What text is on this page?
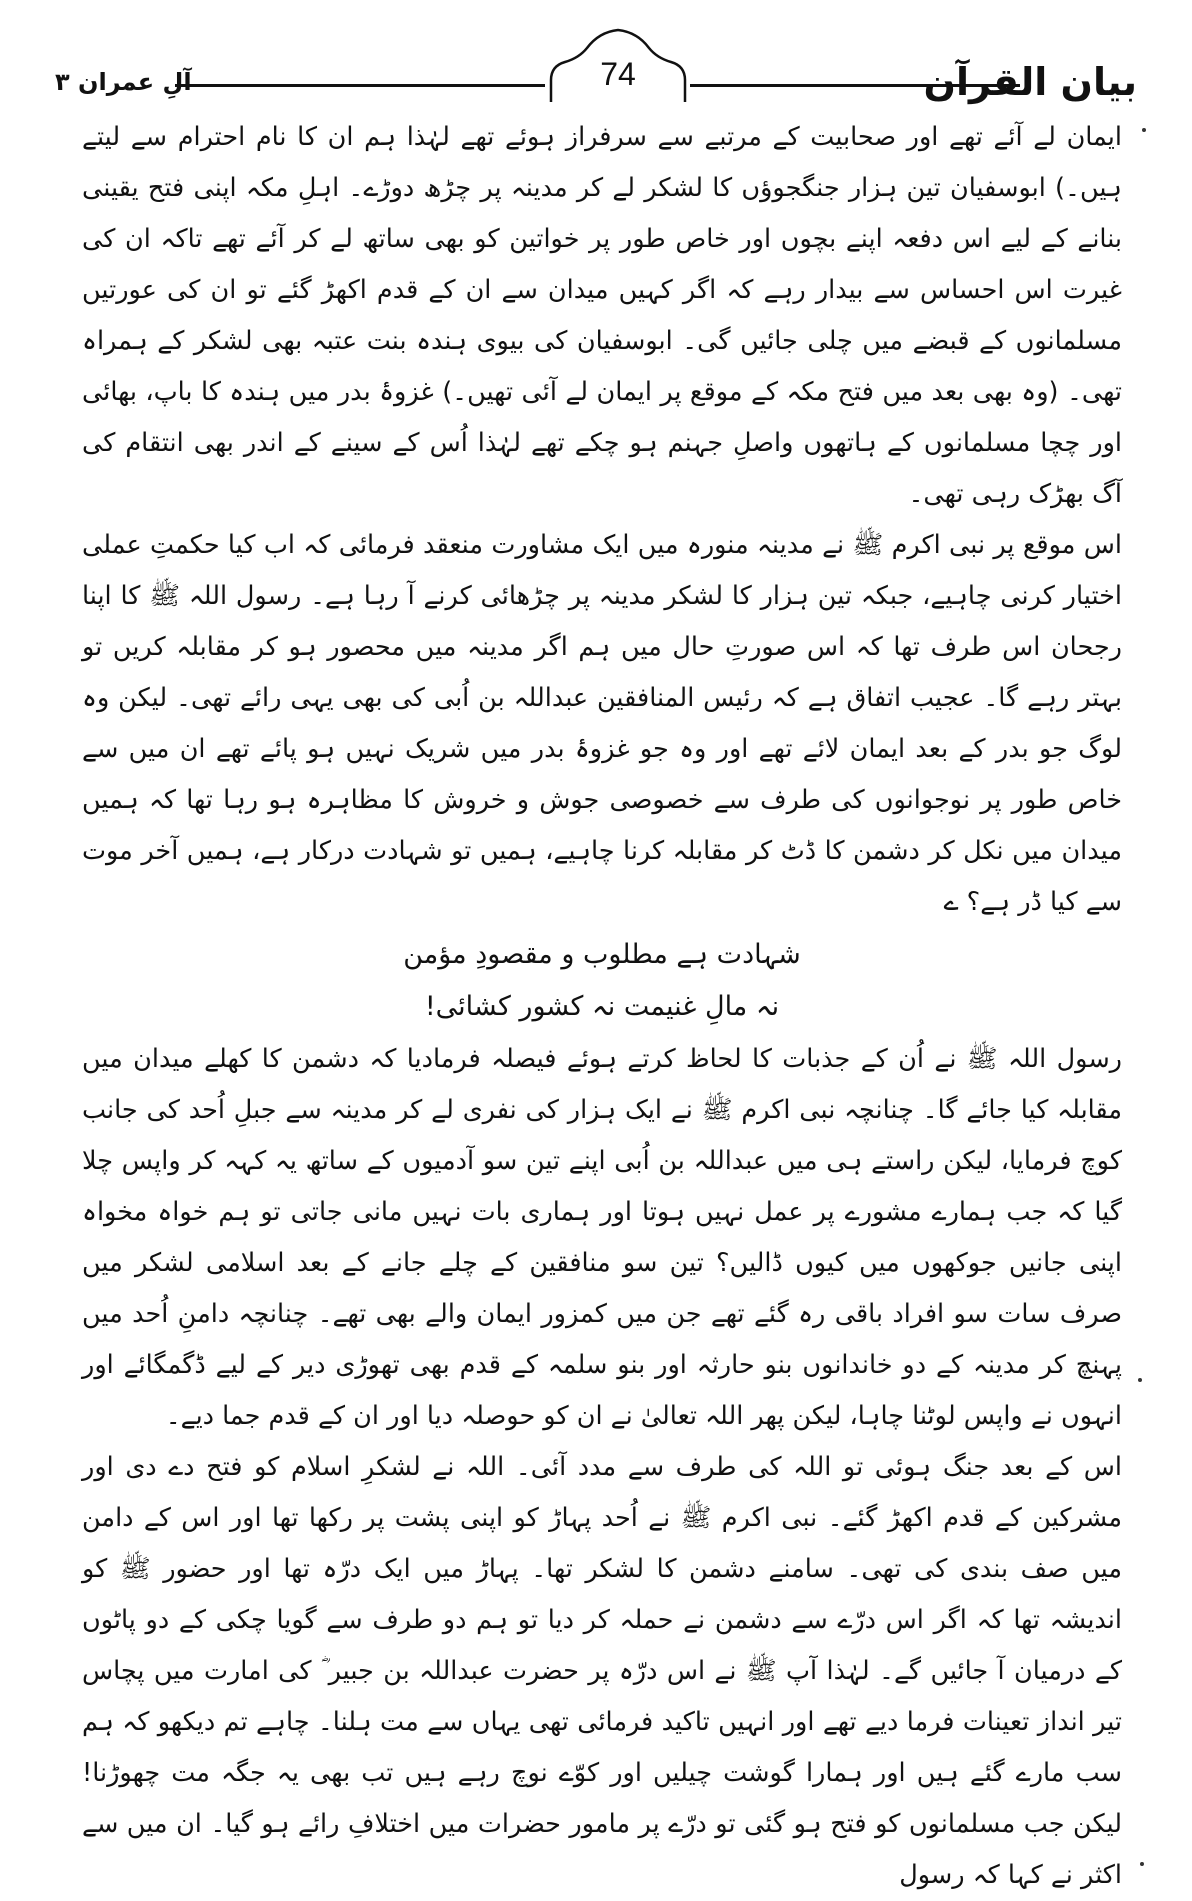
آلِ عمران ۳	74	بیان القرآن

ایمان لے آئے تھے اور صحابیت کے مرتبے سے سرفراز ہوئے تھے لہٰذا ہم ان کا نام احترام سے لیتے ہیں۔) ابوسفیان تین ہزار جنگجوؤں کا لشکر لے کر مدینہ پر چڑھ دوڑے۔ اہلِ مکہ اپنی فتح یقینی بنانے کے لیے اس دفعہ اپنے بچوں اور خاص طور پر خواتین کو بھی ساتھ لے کر آئے تھے تاکہ ان کی غیرت اس احساس سے بیدار رہے کہ اگر کہیں میدان سے ان کے قدم اکھڑ گئے تو ان کی عورتیں مسلمانوں کے قبضے میں چلی جائیں گی۔ ابوسفیان کی بیوی ہندہ بنت عتبہ بھی لشکر کے ہمراہ تھی۔ (وہ بھی بعد میں فتح مکہ کے موقع پر ایمان لے آئی تھیں۔) غزوۂ بدر میں ہندہ کا باپ، بھائی اور چچا مسلمانوں کے ہاتھوں واصلِ جہنم ہو چکے تھے لہٰذا اُس کے سینے کے اندر بھی انتقام کی آگ بھڑک رہی تھی۔

اس موقع پر نبی اکرم ﷺ نے مدینہ منورہ میں ایک مشاورت منعقد فرمائی کہ اب کیا حکمتِ عملی اختیار کرنی چاہیے، جبکہ تین ہزار کا لشکر مدینہ پر چڑھائی کرنے آ رہا ہے۔ رسول اللہ ﷺ کا اپنا رجحان اس طرف تھا کہ اس صورتِ حال میں ہم اگر مدینہ میں محصور ہو کر مقابلہ کریں تو بہتر رہے گا۔ عجیب اتفاق ہے کہ رئیس المنافقین عبداللہ بن اُبی کی بھی یہی رائے تھی۔ لیکن وہ لوگ جو بدر کے بعد ایمان لائے تھے اور وہ جو غزوۂ بدر میں شریک نہیں ہو پائے تھے ان میں سے خاص طور پر نوجوانوں کی طرف سے خصوصی جوش و خروش کا مظاہرہ ہو رہا تھا کہ ہمیں میدان میں نکل کر دشمن کا ڈٹ کر مقابلہ کرنا چاہیے، ہمیں تو شہادت درکار ہے، ہمیں آخر موت سے کیا ڈر ہے؟ ے

شہادت ہے مطلوب و مقصودِ مؤمن
نہ مالِ غنیمت نہ کشور کشائی!

رسول اللہ ﷺ نے اُن کے جذبات کا لحاظ کرتے ہوئے فیصلہ فرمادیا کہ دشمن کا کھلے میدان میں مقابلہ کیا جائے گا۔ چنانچہ نبی اکرم ﷺ نے ایک ہزار کی نفری لے کر مدینہ سے جبلِ اُحد کی جانب کوچ فرمایا، لیکن راستے ہی میں عبداللہ بن اُبی اپنے تین سو آدمیوں کے ساتھ یہ کہہ کر واپس چلا گیا کہ جب ہمارے مشورے پر عمل نہیں ہوتا اور ہماری بات نہیں مانی جاتی تو ہم خواہ مخواہ اپنی جانیں جوکھوں میں کیوں ڈالیں؟ تین سو منافقین کے چلے جانے کے بعد اسلامی لشکر میں صرف سات سو افراد باقی رہ گئے تھے جن میں کمزور ایمان والے بھی تھے۔ چنانچہ دامنِ اُحد میں پہنچ کر مدینہ کے دو خاندانوں بنو حارثہ اور بنو سلمہ کے قدم بھی تھوڑی دیر کے لیے ڈگمگائے اور انہوں نے واپس لوٹنا چاہا، لیکن پھر اللہ تعالیٰ نے ان کو حوصلہ دیا اور ان کے قدم جما دیے۔

اس کے بعد جنگ ہوئی تو اللہ کی طرف سے مدد آئی۔ اللہ نے لشکرِ اسلام کو فتح دے دی اور مشرکین کے قدم اکھڑ گئے۔ نبی اکرم ﷺ نے اُحد پہاڑ کو اپنی پشت پر رکھا تھا اور اس کے دامن میں صف بندی کی تھی۔ سامنے دشمن کا لشکر تھا۔ پہاڑ میں ایک درّہ تھا اور حضور ﷺ کو اندیشہ تھا کہ اگر اس درّے سے دشمن نے حملہ کر دیا تو ہم دو طرف سے گویا چکی کے دو پاٹوں کے درمیان آ جائیں گے۔ لہٰذا آپ ﷺ نے اس درّہ پر حضرت عبداللہ بن جبیر ؓ کی امارت میں پچاس تیر انداز تعینات فرما دیے تھے اور انہیں تاکید فرمائی تھی یہاں سے مت ہلنا۔ چاہے تم دیکھو کہ ہم سب مارے گئے ہیں اور ہمارا گوشت چیلیں اور کوّے نوچ رہے ہیں تب بھی یہ جگہ مت چھوڑنا! لیکن جب مسلمانوں کو فتح ہو گئی تو درّے پر مامور حضرات میں اختلافِ رائے ہو گیا۔ ان میں سے اکثر نے کہا کہ رسول
